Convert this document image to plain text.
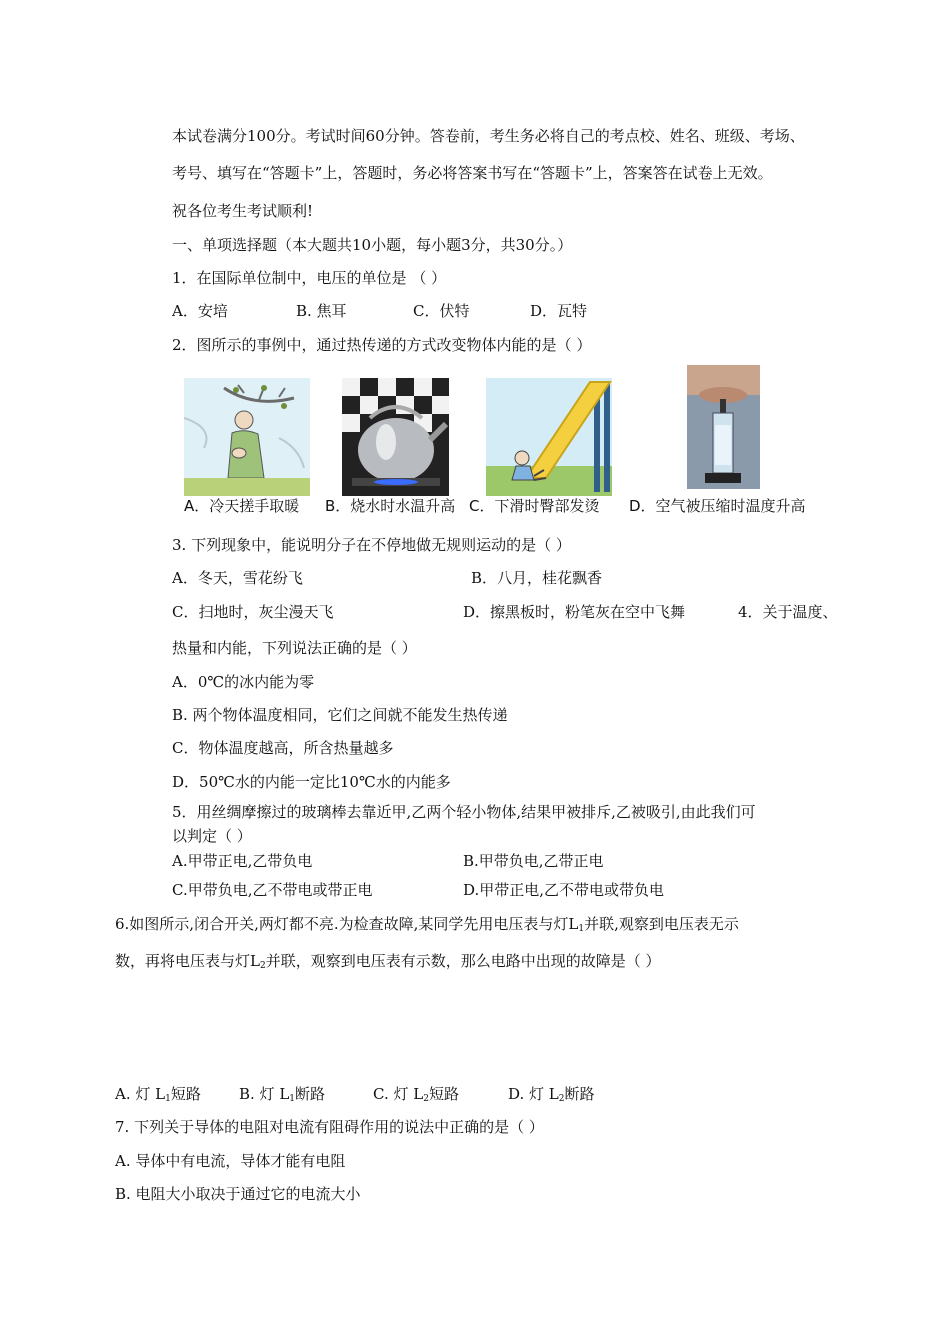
本试卷满分100分。考试时间60分钟。答卷前，考生务必将自己的考点校、姓名、班级、考场、
考号、填写在“答题卡”上，答题时，务必将答案书写在“答题卡”上，答案答在试卷上无效。
祝各位考生考试顺利!
一、单项选择题（本大题共10小题，每小题3分，共30分。）
1．在国际单位制中，电压的单位是 （ ）
A．安培	B. 焦耳	C．伏特	D．瓦特
2．图所示的事例中，通过热传递的方式改变物体内能的是（ ）
A．冷天搓手取暖 B．烧水时水温升高 C．下滑时臀部发烫 D．空气被压缩时温度升高
3. 下列现象中，能说明分子在不停地做无规则运动的是（ ）
A．冬天，雪花纷飞	B．八月，桂花飘香
C．扫地时，灰尘漫天飞	D．擦黑板时，粉笔灰在空中飞舞	4．关于温度、
热量和内能，下列说法正确的是（ ）
A．0℃的冰内能为零
B. 两个物体温度相同，它们之间就不能发生热传递
C．物体温度越高，所含热量越多
D．50℃水的内能一定比10℃水的内能多
5．用丝绸摩擦过的玻璃棒去靠近甲,乙两个轻小物体,结果甲被排斥,乙被吸引,由此我们可
以判定（ ）
A.甲带正电,乙带负电	B.甲带负电,乙带正电
C.甲带负电,乙不带电或带正电	D.甲带正电,乙不带电或带负电
6.如图所示,闭合开关,两灯都不亮.为检查故障,某同学先用电压表与灯$L_1$并联,观察到电压表无示
数，再将电压表与灯$L_2$并联，观察到电压表有示数，那么电路中出现的故障是（ ）
A. 灯 $L_1$短路	B. 灯 $L_1$断路	C. 灯 $L_2$短路	D. 灯 $L_2$断路
7. 下列关于导体的电阻对电流有阻碍作用的说法中正确的是（ ）
A. 导体中有电流，导体才能有电阻
B. 电阻大小取决于通过它的电流大小
